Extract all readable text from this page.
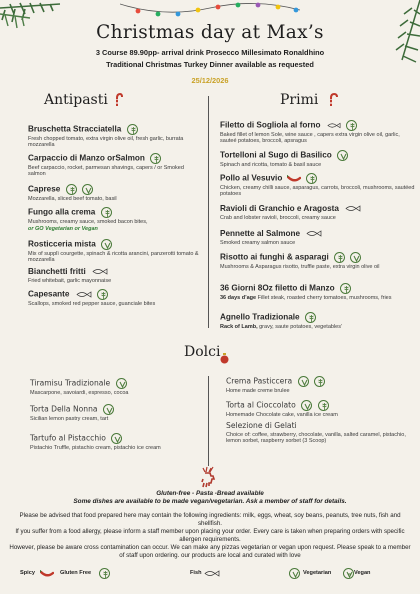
Christmas day at Max’s
3 Course 89.90pp- arrival drink Prosecco Millesimato Ronaldhino
Traditional Christmas Turkey Dinner available as requested
25/12/2026
Antipasti	Primi
Bruschetta Stracciatella
Fresh chopped tomato, extra virgin olive oil, fresh garlic, burrata mozzarella
Carpaccio di Manzo orSalmon
Beef carpaccio, rocket, parmesan shavings, capers / or Smoked salmon
Caprese

Mozzarella, sliced beef tomato, basil
Fungo alla crema
Mushrooms, creamy sauce, smoked bacon bites,
or GO Vegetarian or Vegan
Rosticceria mista
Mix of supplì courgette, spinach & ricotta arancini, panzerotti tomato & mozzarella
Bianchetti fritti
Fried whitebait, garlic mayonnaise
Capesante
Scallops, smoked red pepper sauce, guanciale bites
Filetto di Sogliola al forno
Baked fillet of lemon Sole, wine sauce , capers extra virgin olive oil, garlic, sauteé potatoes, broccoli, apsragus
Tortelloni al Sugo di Basilico
Spinach and ricotta, tomato & basil sauce
Pollo al Vesuvio
Chicken, creamy chilli sauce, asparagus, carrots, broccoli, mushrooms, sautéed potatoes
Ravioli di Granchio e Aragosta
Crab and lobster ravioli, broccoli, creamy sauce
Pennette al Salmone
Smoked creamy salmon sauce
Risotto ai funghi & asparagi

Mushrooms & Asparagus risotto, truffle paste, extra virgin olive oil
36 Giorni 8Oz filetto di Manzo
36 days d’age Fillet steak, roasted cherry tomatoes, mushrooms, fries
Agnello Tradizionale
Rack of Lamb, gravy, saute potatoes, vegetables’
Dolci
Tiramisu Tradizionale
Mascarpone, savoiardi, espresso, cocoa
Torta Della Nonna
Sicilian lemon pastry cream, tart
Tartufo al Pistacchio
Pistachio Truffle, pistachio cream, pistachio ice cream
Crema Pasticcera

Home made creme brulee
Torta al Cioccolato

Homemade Chocolate cake, vanilla ice cream
Selezione di Gelati
Choice of: coffee, strawberry, chocolate, vanilla, salted caramel, pistachio, lemon sorbet, raspberry sorbet (3 Scoop)
Gluten-free - Pasta -Bread available
Some dishes are available to be made vegan/vegetarian. Ask a member of staff for details.
Please be advised that food prepared here may contain the following ingredients: milk, eggs, wheat, soy beans, peanuts, tree nuts, fish and shellfish.
If you suffer from a food allergy, please inform a staff member upon placing your order. Every care is taken when preparing orders with specific allergen requirements.
However, please be aware cross contamination can occur. We can make any pizzas vegetarian or vegan upon request. Please speak to a member of staff upon ordering. our products are local and curated with love
Spicy	Gluten Free	Fish	Vegetarian	Vegan
